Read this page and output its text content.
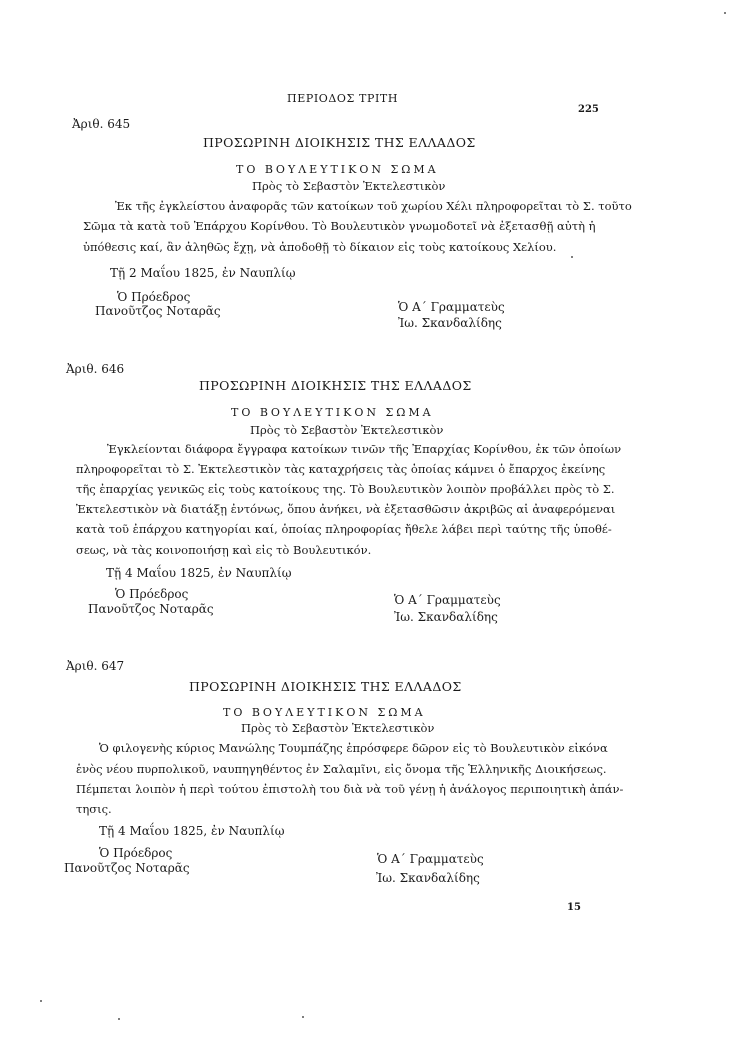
ΠΕΡΙΟΔΟΣ ΤΡΙΤΗ
225
Ἀριθ. 645
ΠΡΟΣΩΡΙΝΗ ΔΙΟΙΚΗΣΙΣ ΤΗΣ ΕΛΛΑΔΟΣ
ΤΟ ΒΟΥΛΕΥΤΙΚΟΝ ΣΩΜΑ
Πρὸς τὸ Σεβαστὸν Ἐκτελεστικὸν
Ἐκ τῆς ἐγκλείστου ἀναφορᾶς τῶν κατοίκων τοῦ χωρίου Χέλι πληροφορεῖται τὸ Σ. τοῦτο
Σῶμα τὰ κατὰ τοῦ Ἐπάρχου Κορίνθου. Τὸ Βουλευτικὸν γνωμοδοτεῖ νὰ ἐξετασθῇ αὐτὴ ἡ
ὑπόθεσις καί, ἂν ἀληθῶς ἔχῃ, νὰ ἀποδοθῇ τὸ δίκαιον εἰς τοὺς κατοίκους Χελίου.
Τῇ 2 Μαΐου 1825, ἐν Ναυπλίῳ
Ὁ Πρόεδρος
Ὁ Α΄ Γραμματεὺς
Πανοῦτζος Νοταρᾶς
Ἰω. Σκανδαλίδης
Ἀριθ. 646
ΠΡΟΣΩΡΙΝΗ ΔΙΟΙΚΗΣΙΣ ΤΗΣ ΕΛΛΑΔΟΣ
ΤΟ ΒΟΥΛΕΥΤΙΚΟΝ ΣΩΜΑ
Πρὸς τὸ Σεβαστὸν Ἐκτελεστικὸν
Ἐγκλείονται διάφορα ἔγγραφα κατοίκων τινῶν τῆς Ἐπαρχίας Κορίνθου, ἐκ τῶν ὁποίων
πληροφορεῖται τὸ Σ. Ἐκτελεστικὸν τὰς καταχρήσεις τὰς ὁποίας κάμνει ὁ ἔπαρχος ἐκείνης
τῆς ἐπαρχίας γενικῶς εἰς τοὺς κατοίκους της. Τὸ Βουλευτικὸν λοιπὸν προβάλλει πρὸς τὸ Σ.
Ἐκτελεστικὸν νὰ διατάξῃ ἐντόνως, ὅπου ἀνήκει, νὰ ἐξετασθῶσιν ἀκριβῶς αἱ ἀναφερόμεναι
κατὰ τοῦ ἐπάρχου κατηγορίαι καί, ὁποίας πληροφορίας ἤθελε λάβει περὶ ταύτης τῆς ὑποθέ-
σεως, νὰ τὰς κοινοποιήσῃ καὶ εἰς τὸ Βουλευτικόν.
Τῇ 4 Μαΐου 1825, ἐν Ναυπλίῳ
Ὁ Πρόεδρος	Ὁ Α΄ Γραμματεὺς
Πανοῦτζος Νοταρᾶς
Ἰω. Σκανδαλίδης
Ἀριθ. 647
ΠΡΟΣΩΡΙΝΗ ΔΙΟΙΚΗΣΙΣ ΤΗΣ ΕΛΛΑΔΟΣ
ΤΟ ΒΟΥΛΕΥΤΙΚΟΝ ΣΩΜΑ
Πρὸς τὸ Σεβαστὸν Ἐκτελεστικὸν
Ὁ φιλογενὴς κύριος Μανώλης Τουμπάζης ἐπρόσφερε δῶρον εἰς τὸ Βουλευτικὸν εἰκόνα
ἑνὸς νέου πυρπολικοῦ, ναυπηγηθέντος ἐν Σαλαμῖνι, εἰς ὄνομα τῆς Ἑλληνικῆς Διοικήσεως.
Πέμπεται λοιπὸν ἡ περὶ τούτου ἐπιστολὴ του διὰ νὰ τοῦ γένῃ ἡ ἀνάλογος περιποιητικὴ ἀπάν-
τησις.
Τῇ 4 Μαΐου 1825, ἐν Ναυπλίῳ
Ὁ Πρόεδρος	Ὁ Α΄ Γραμματεὺς
Πανοῦτζος Νοταρᾶς
Ἰω. Σκανδαλίδης
15
